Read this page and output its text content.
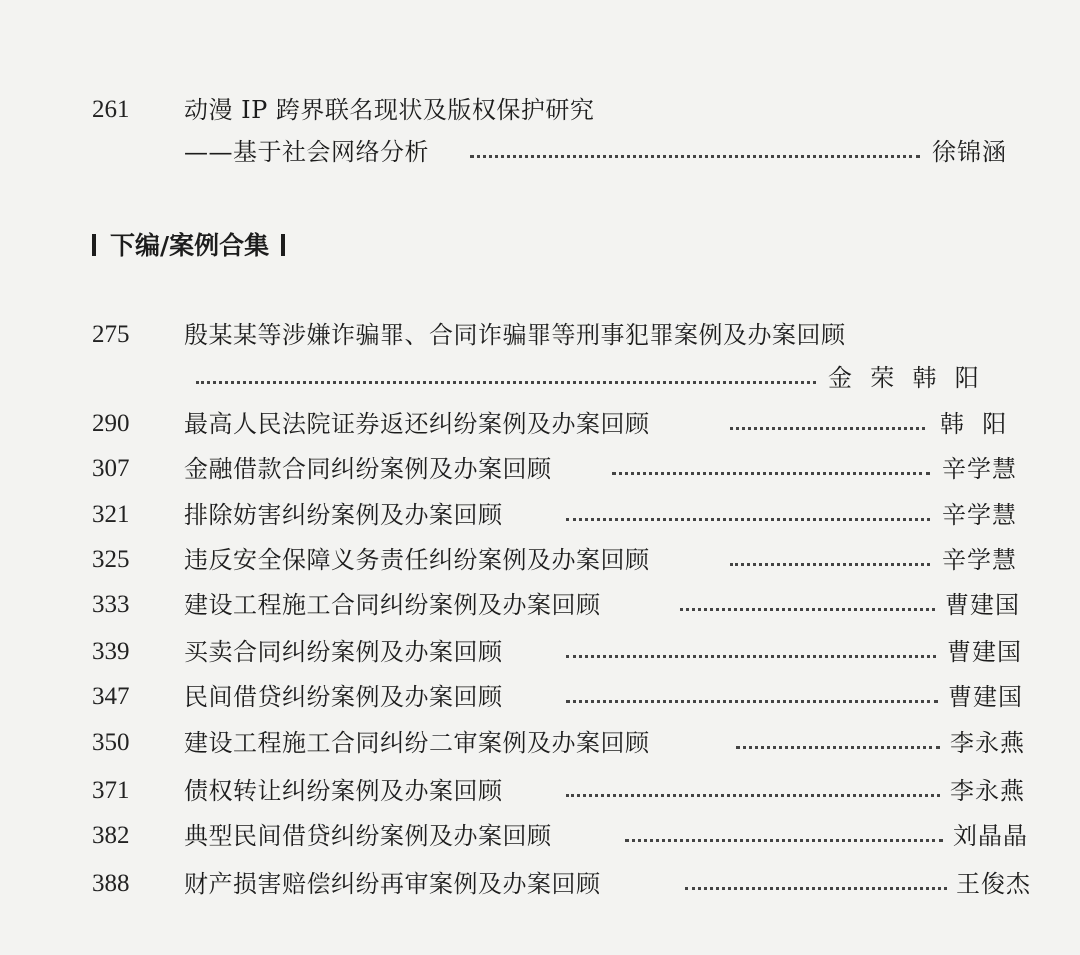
261 动漫 IP 跨界联名现状及版权保护研究
——基于社会网络分析	徐锦涵
下编/案例合集
275 殷某某等涉嫌诈骗罪、合同诈骗罪等刑事犯罪案例及办案回顾
金  荣  韩  阳
290 最高人民法院证券返还纠纷案例及办案回顾	韩  阳
307 金融借款合同纠纷案例及办案回顾	辛学慧
321 排除妨害纠纷案例及办案回顾	辛学慧
325 违反安全保障义务责任纠纷案例及办案回顾	辛学慧
333 建设工程施工合同纠纷案例及办案回顾	曹建国
339 买卖合同纠纷案例及办案回顾	曹建国
347 民间借贷纠纷案例及办案回顾	曹建国
350 建设工程施工合同纠纷二审案例及办案回顾	李永燕
371 债权转让纠纷案例及办案回顾	李永燕
382 典型民间借贷纠纷案例及办案回顾	刘晶晶
388 财产损害赔偿纠纷再审案例及办案回顾	王俊杰
